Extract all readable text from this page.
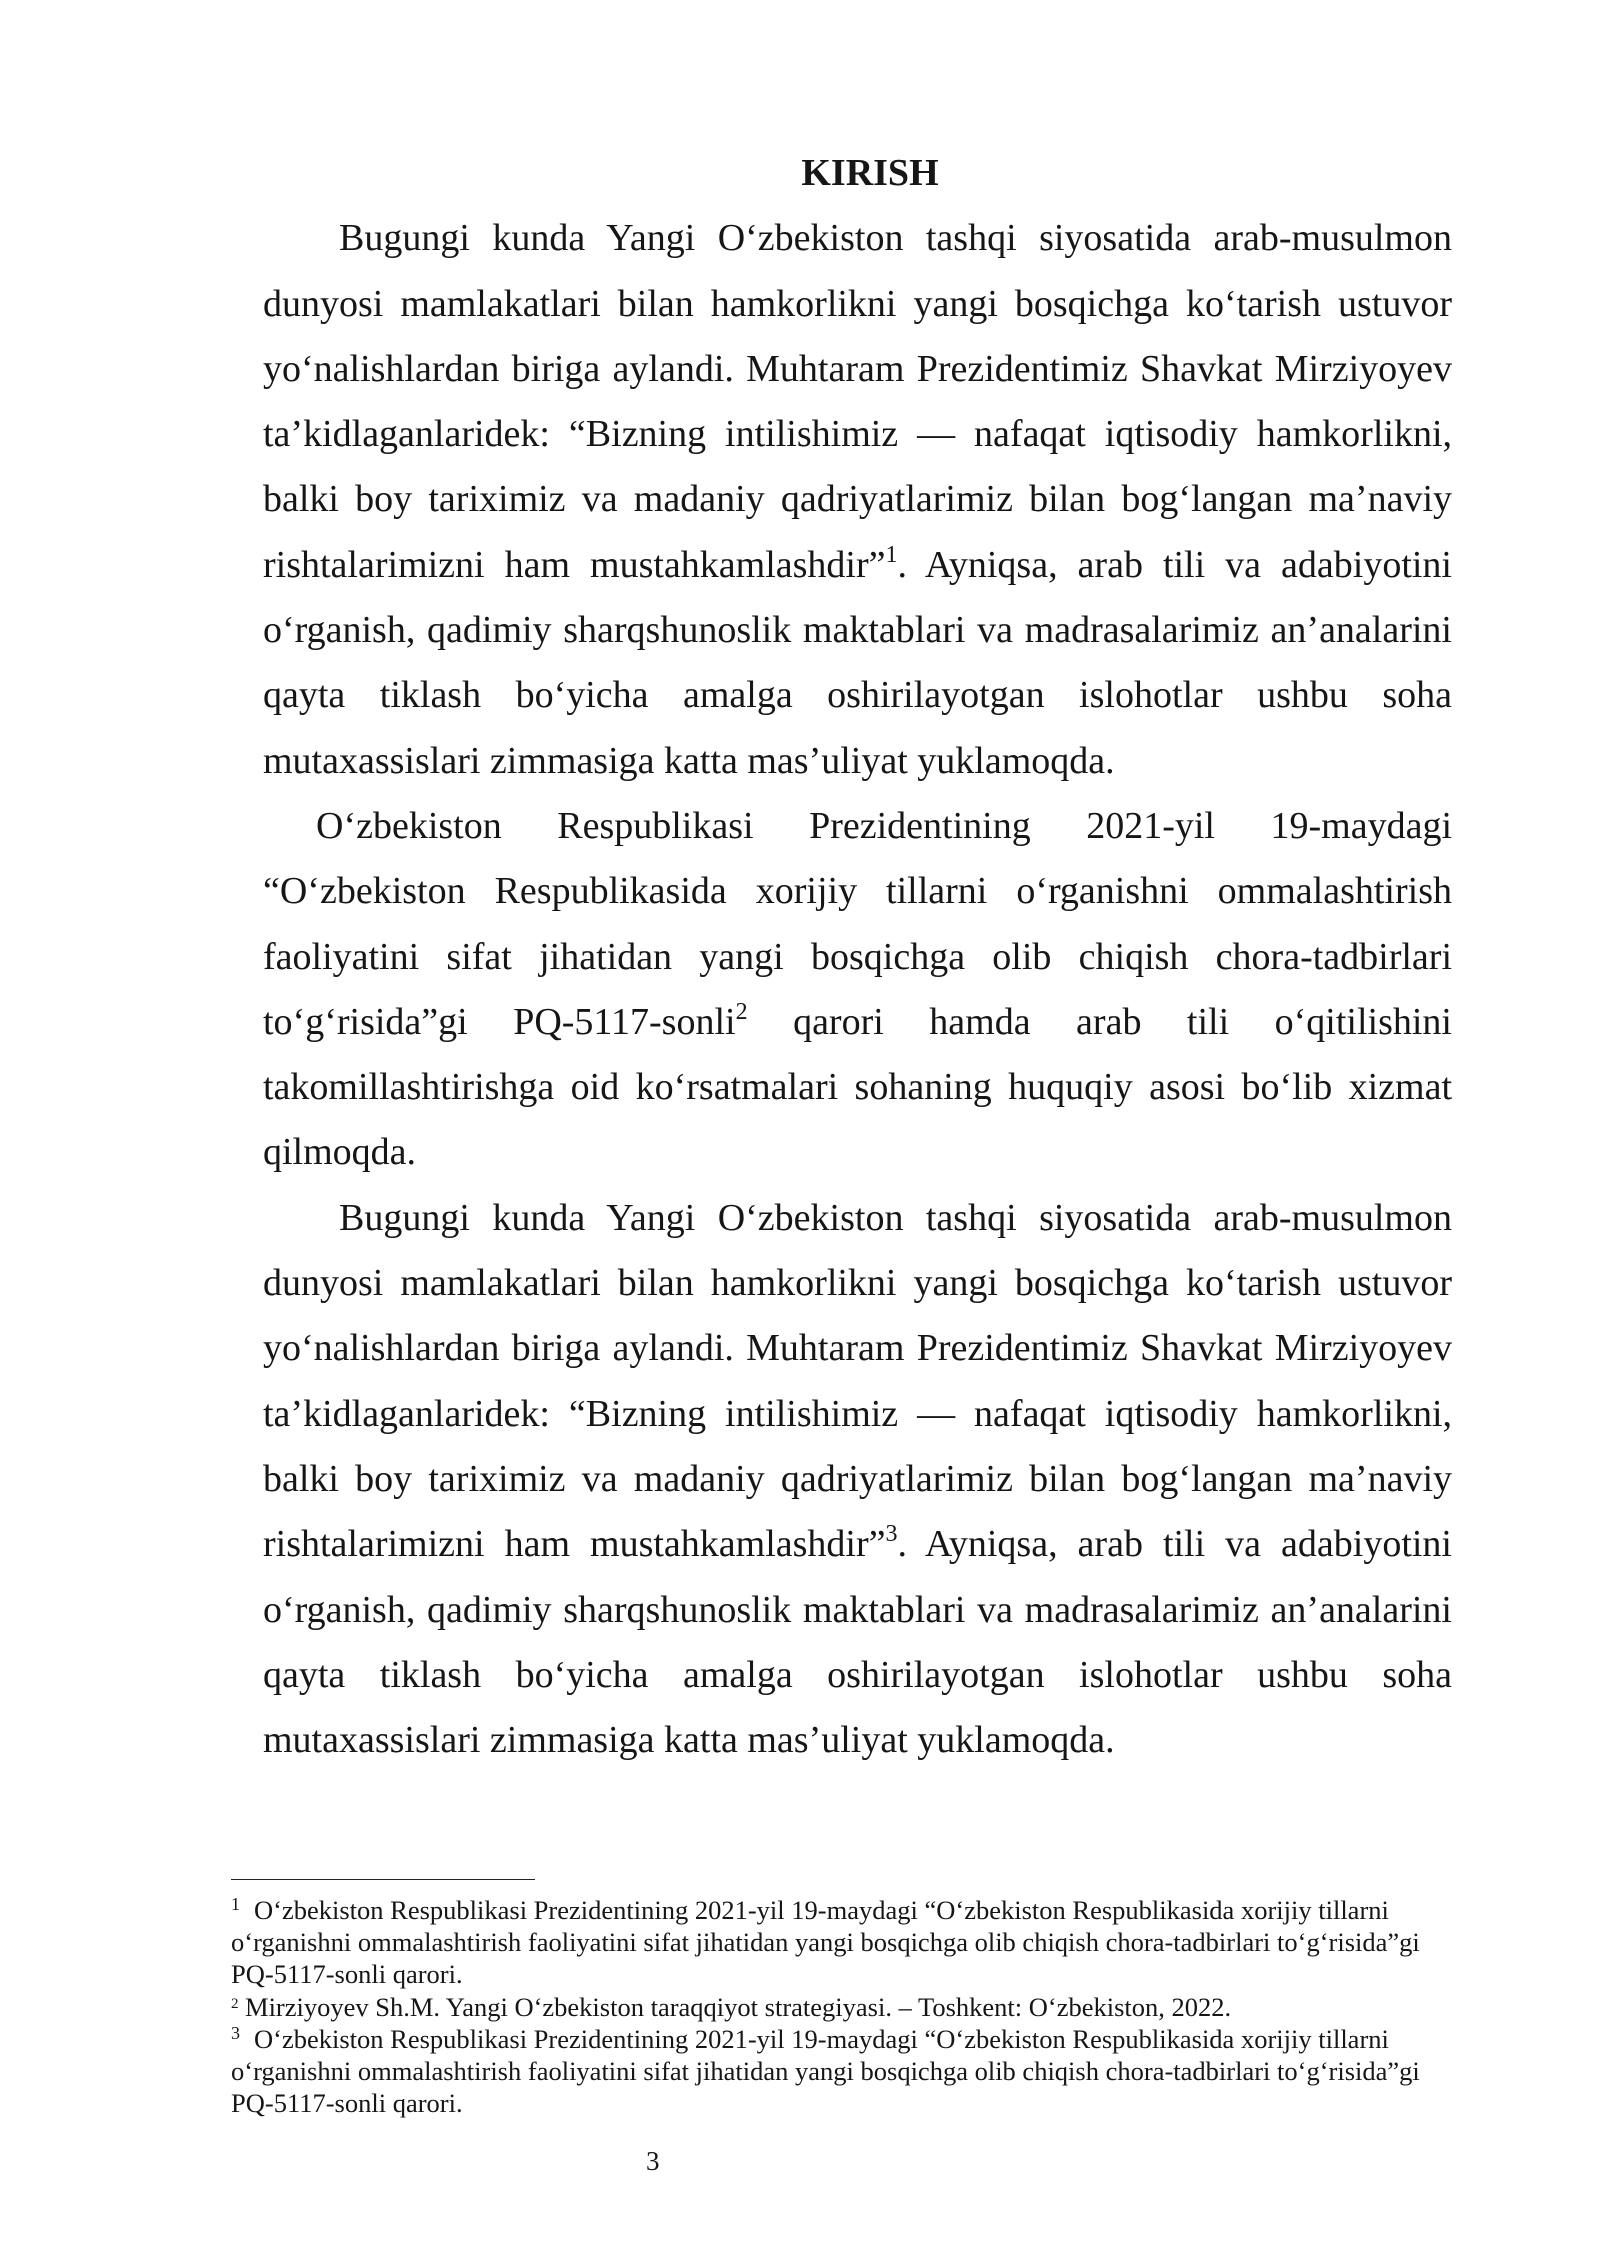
KIRISH
Bugungi kunda Yangi O‘zbekiston tashqi siyosatida arab-musulmon
dunyosi mamlakatlari bilan hamkorlikni yangi bosqichga ko‘tarish ustuvor
yo‘nalishlardan biriga aylandi. Muhtaram Prezidentimiz Shavkat Mirziyoyev
ta’kidlaganlaridek: “Bizning intilishimiz — nafaqat iqtisodiy hamkorlikni,
balki boy tariximiz va madaniy qadriyatlarimiz bilan bog‘langan ma’naviy
rishtalarimizni ham mustahkamlashdir”$^1$. Ayniqsa, arab tili va adabiyotini
o‘rganish, qadimiy sharqshunoslik maktablari va madrasalarimiz an’analarini
qayta tiklash bo‘yicha amalga oshirilayotgan islohotlar ushbu soha
mutaxassislari zimmasiga katta mas’uliyat yuklamoqda.
O‘zbekiston Respublikasi Prezidentining 2021-yil 19-maydagi
“O‘zbekiston Respublikasida xorijiy tillarni o‘rganishni ommalashtirish
faoliyatini sifat jihatidan yangi bosqichga olib chiqish chora-tadbirlari
to‘g‘risida”gi PQ-5117-sonli$^2$ qarori hamda arab tili o‘qitilishini
takomillashtirishga oid ko‘rsatmalari sohaning huquqiy asosi bo‘lib xizmat
qilmoqda.
Bugungi kunda Yangi O‘zbekiston tashqi siyosatida arab-musulmon
dunyosi mamlakatlari bilan hamkorlikni yangi bosqichga ko‘tarish ustuvor
yo‘nalishlardan biriga aylandi. Muhtaram Prezidentimiz Shavkat Mirziyoyev
ta’kidlaganlaridek: “Bizning intilishimiz — nafaqat iqtisodiy hamkorlikni,
balki boy tariximiz va madaniy qadriyatlarimiz bilan bog‘langan ma’naviy
rishtalarimizni ham mustahkamlashdir”$^3$. Ayniqsa, arab tili va adabiyotini
o‘rganish, qadimiy sharqshunoslik maktablari va madrasalarimiz an’analarini
qayta tiklash bo‘yicha amalga oshirilayotgan islohotlar ushbu soha
mutaxassislari zimmasiga katta mas’uliyat yuklamoqda.
1 O‘zbekiston Respublikasi Prezidentining 2021-yil 19-maydagi “O‘zbekiston Respublikasida xorijiy tillarni
o‘rganishni ommalashtirish faoliyatini sifat jihatidan yangi bosqichga olib chiqish chora-tadbirlari to‘g‘risida”gi
PQ-5117-sonli qarori.
2 Mirziyoyev Sh.M. Yangi O‘zbekiston taraqqiyot strategiyasi. – Toshkent: O‘zbekiston, 2022.
3 O‘zbekiston Respublikasi Prezidentining 2021-yil 19-maydagi “O‘zbekiston Respublikasida xorijiy tillarni
o‘rganishni ommalashtirish faoliyatini sifat jihatidan yangi bosqichga olib chiqish chora-tadbirlari to‘g‘risida”gi
PQ-5117-sonli qarori.
3
